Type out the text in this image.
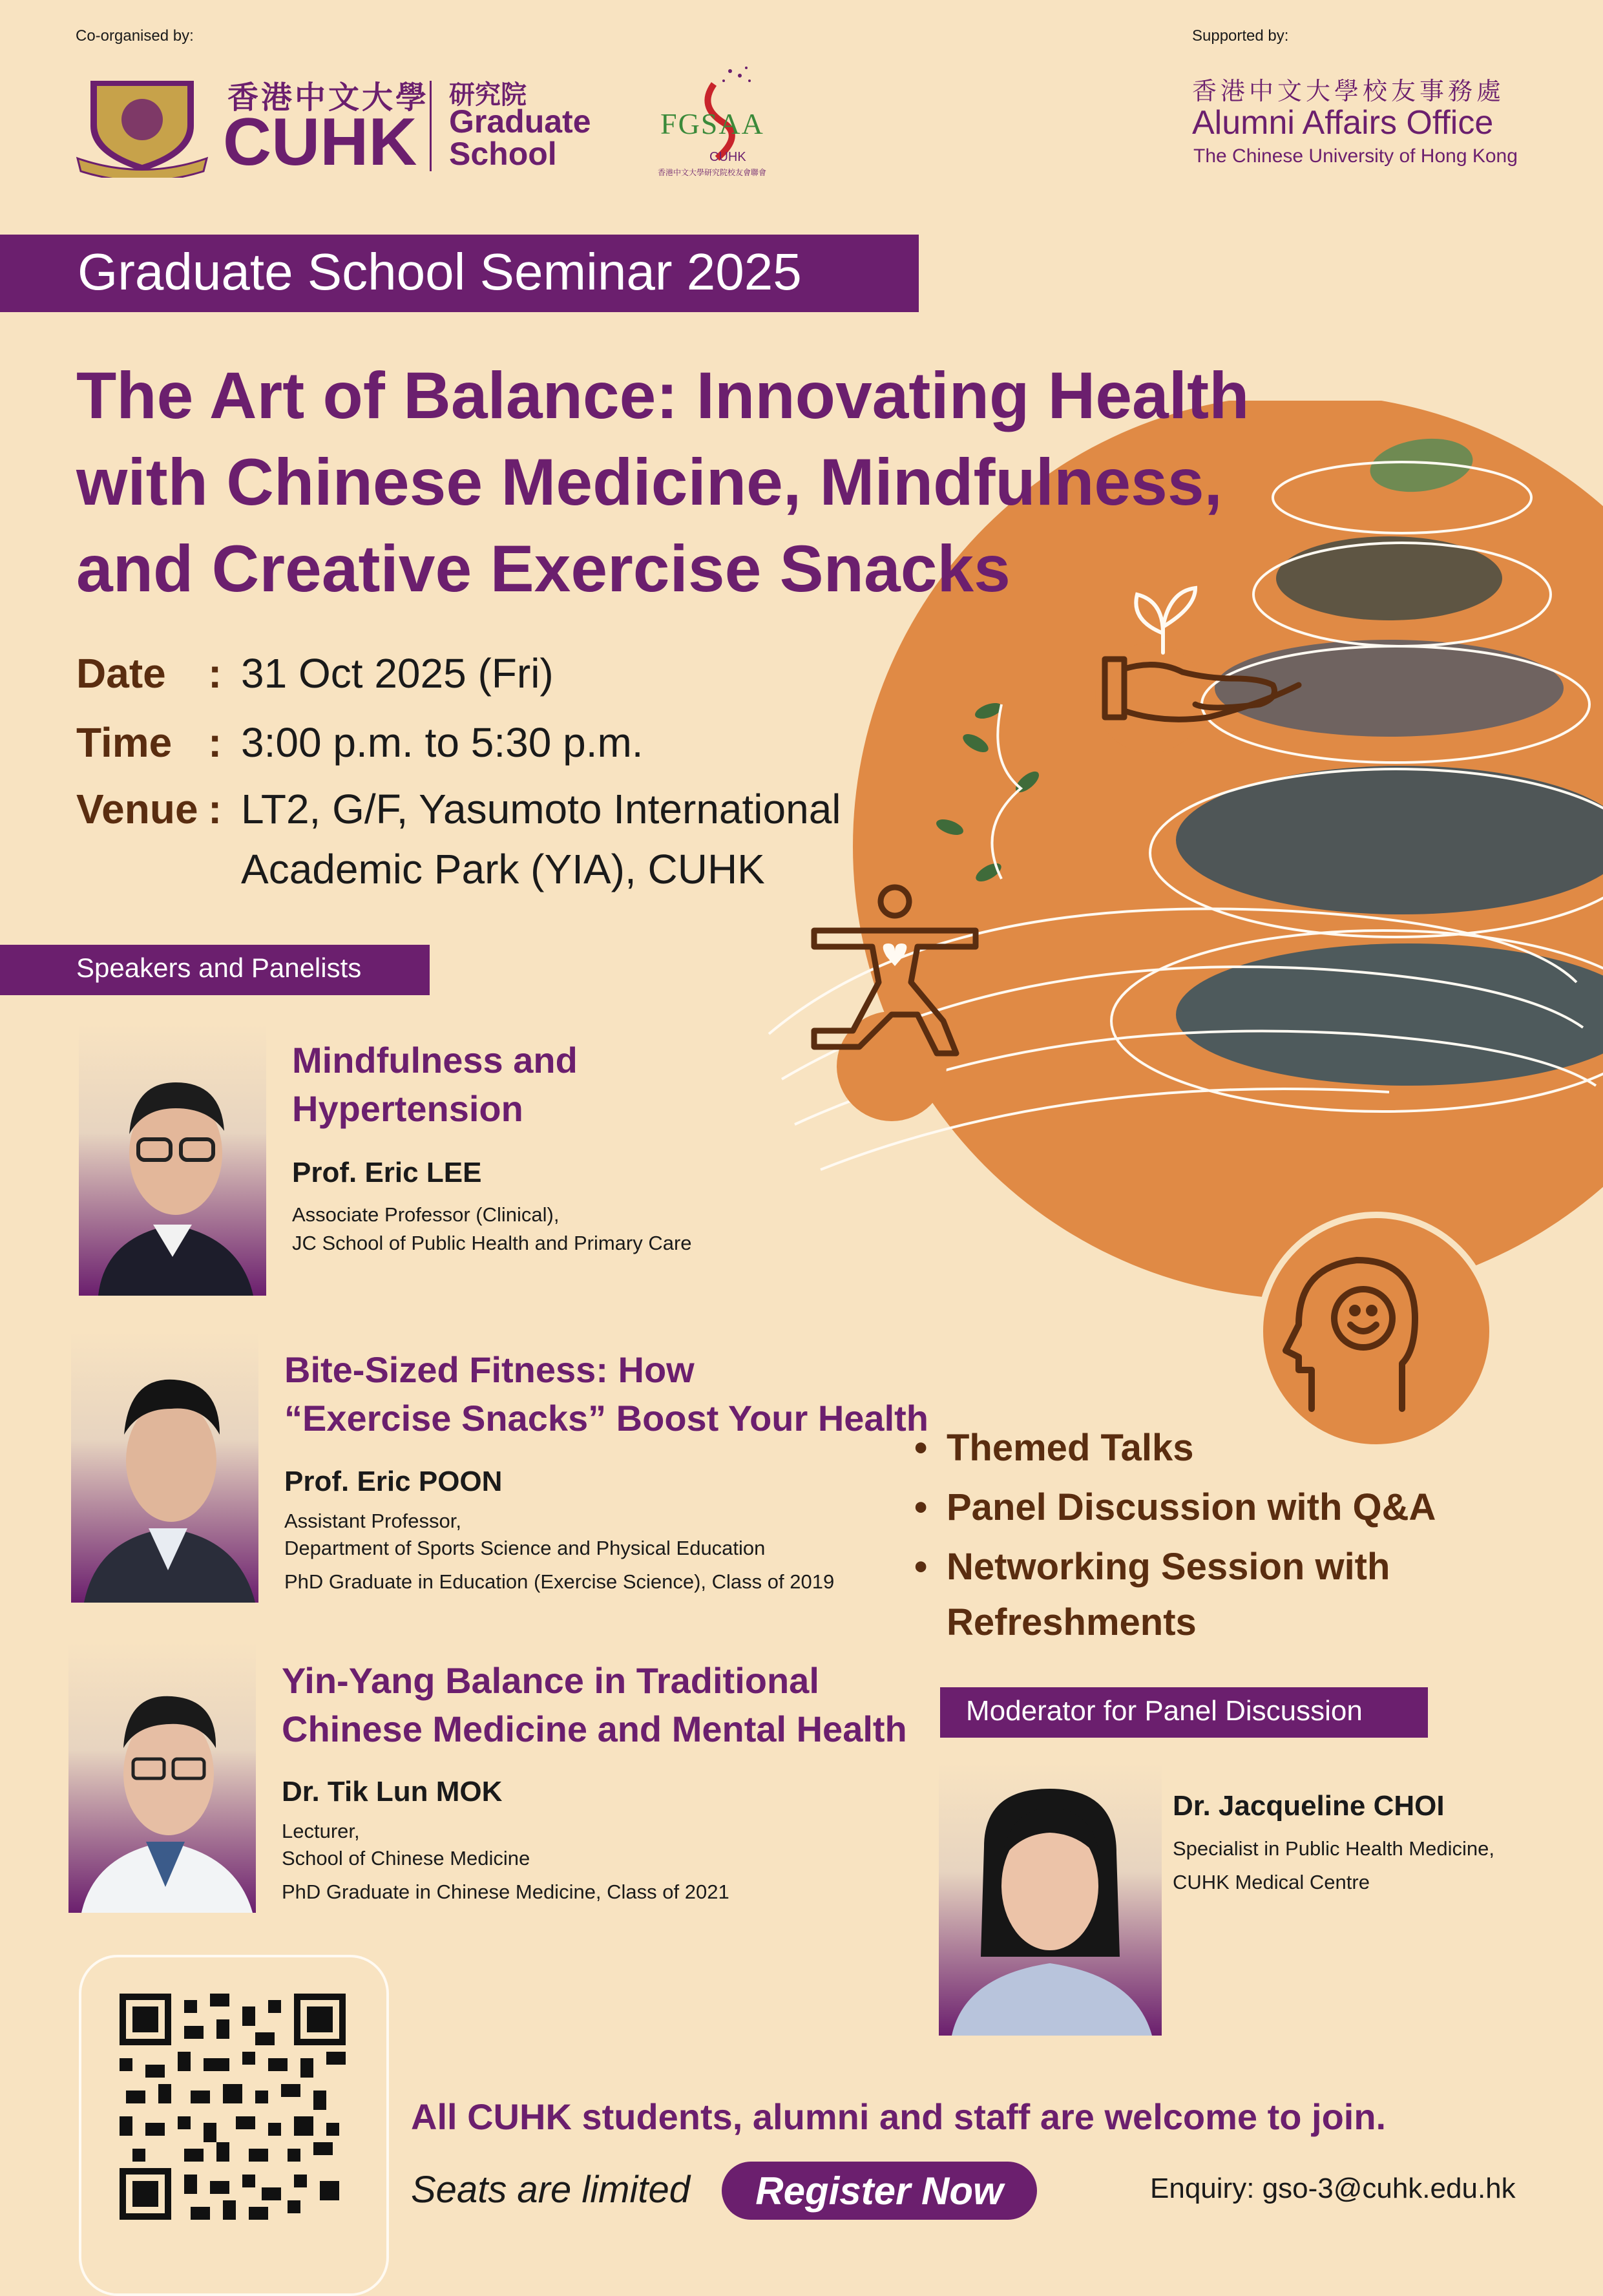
Co-organised by:	Supported by:
香港中文大學
CUHK
研究院
Graduate
School
FGSAA
CUHK
香港中文大學研究院校友會聯會
香港中文大學校友事務處
Alumni Affairs Office
The Chinese University of Hong Kong
Graduate School Seminar 2025
The Art of Balance: Innovating Health
with Chinese Medicine, Mindfulness,
and Creative Exercise Snacks
Date : 31 Oct 2025 (Fri)
Time : 3:00 p.m. to 5:30 p.m.
Venue : LT2, G/F, Yasumoto International
Academic Park (YIA), CUHK
Speakers and Panelists
Mindfulness and
Hypertension
Prof. Eric LEE
Associate Professor (Clinical),
JC School of Public Health and Primary Care
Bite-Sized Fitness: How
“Exercise Snacks” Boost Your Health
Prof. Eric POON
Assistant Professor,
Department of Sports Science and Physical Education
PhD Graduate in Education (Exercise Science), Class of 2019
Yin-Yang Balance in Traditional
Chinese Medicine and Mental Health
Dr. Tik Lun MOK
Lecturer,
School of Chinese Medicine
PhD Graduate in Chinese Medicine, Class of 2021
• Themed Talks
• Panel Discussion with Q&A
• Networking Session with
Refreshments
Moderator for Panel Discussion
Dr. Jacqueline CHOI
Specialist in Public Health Medicine,
CUHK Medical Centre
All CUHK students, alumni and staff are welcome to join.
Seats are limited	Register Now	Enquiry: gso-3@cuhk.edu.hk
